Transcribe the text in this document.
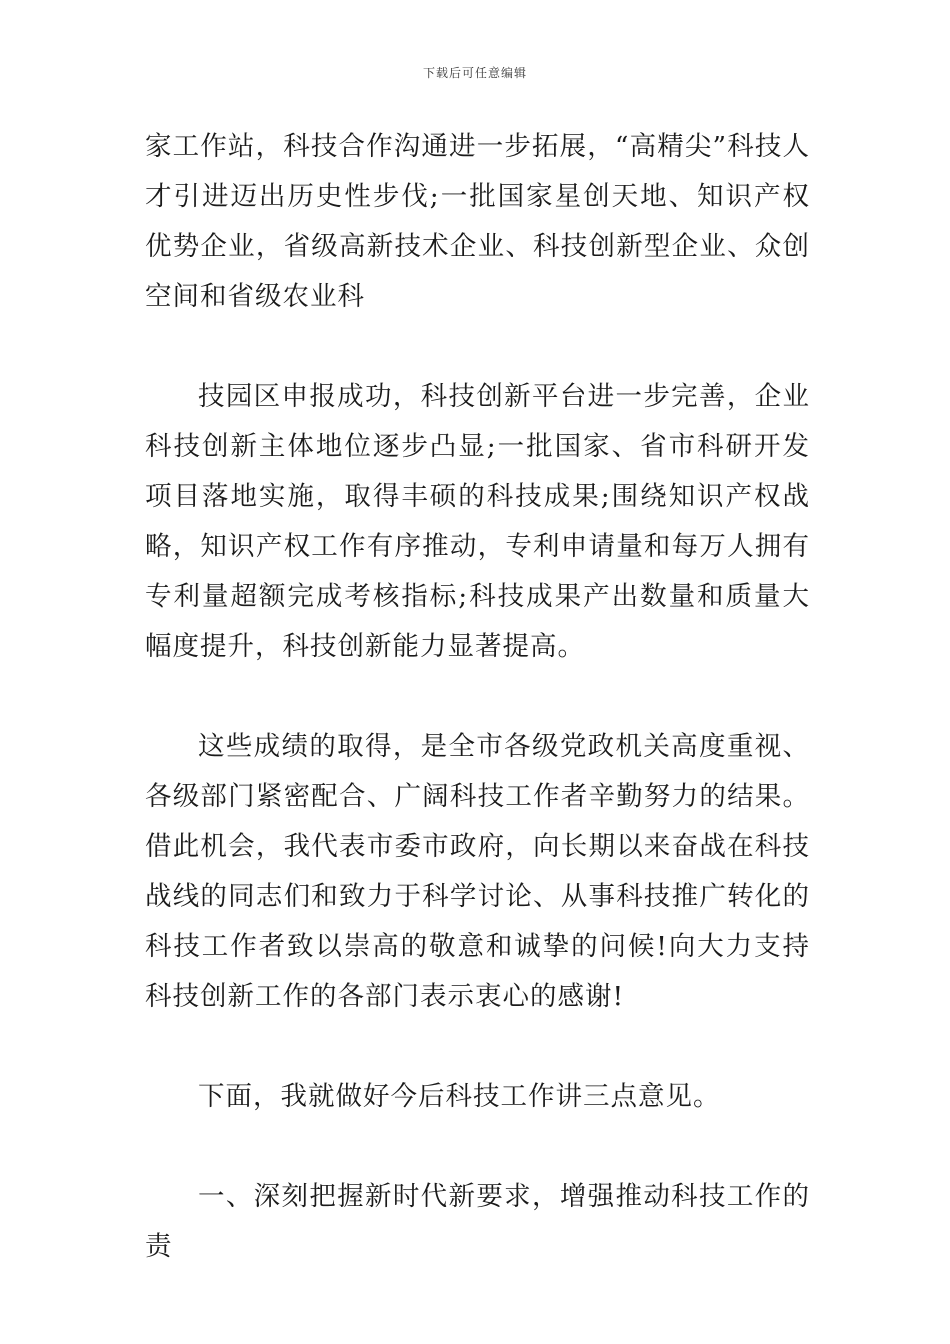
下载后可任意编辑

家工作站，科技合作沟通进一步拓展，“高精尖”科技人才引进迈出历史性步伐;一批国家星创天地、知识产权优势企业，省级高新技术企业、科技创新型企业、众创空间和省级农业科

技园区申报成功，科技创新平台进一步完善，企业科技创新主体地位逐步凸显;一批国家、省市科研开发项目落地实施，取得丰硕的科技成果;围绕知识产权战略，知识产权工作有序推动，专利申请量和每万人拥有专利量超额完成考核指标;科技成果产出数量和质量大幅度提升，科技创新能力显著提高。

这些成绩的取得，是全市各级党政机关高度重视、各级部门紧密配合、广阔科技工作者辛勤努力的结果。借此机会，我代表市委市政府，向长期以来奋战在科技战线的同志们和致力于科学讨论、从事科技推广转化的科技工作者致以崇高的敬意和诚挚的问候!向大力支持科技创新工作的各部门表示衷心的感谢!

下面，我就做好今后科技工作讲三点意见。

一、深刻把握新时代新要求，增强推动科技工作的责
